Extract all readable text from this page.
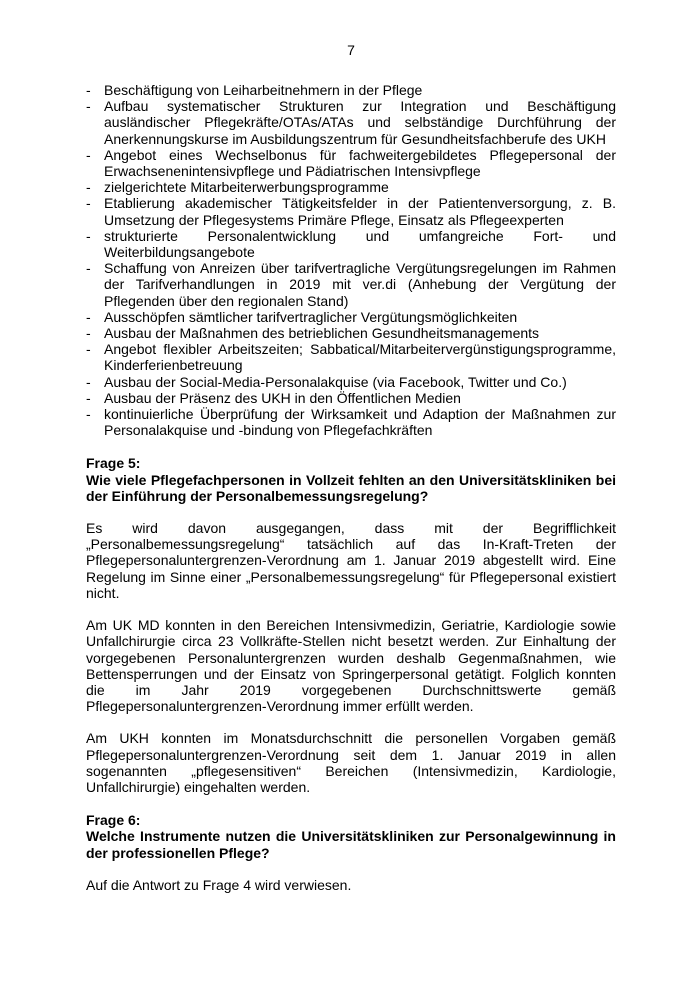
7

- Beschäftigung von Leiharbeitnehmern in der Pflege
- Aufbau systematischer Strukturen zur Integration und Beschäftigung ausländischer Pflegekräfte/OTAs/ATAs und selbständige Durchführung der Anerkennungskurse im Ausbildungszentrum für Gesundheitsfachberufe des UKH
- Angebot eines Wechselbonus für fachweitergebildetes Pflegepersonal der Erwachsenenintensivpflege und Pädiatrischen Intensivpflege
- zielgerichtete Mitarbeiterwerbungsprogramme
- Etablierung akademischer Tätigkeitsfelder in der Patientenversorgung, z. B. Umsetzung der Pflegesystems Primäre Pflege, Einsatz als Pflegeexperten
- strukturierte Personalentwicklung und umfangreiche Fort- und Weiterbildungsangebote
- Schaffung von Anreizen über tarifvertragliche Vergütungsregelungen im Rahmen der Tarifverhandlungen in 2019 mit ver.di (Anhebung der Vergütung der Pflegenden über den regionalen Stand)
- Ausschöpfen sämtlicher tarifvertraglicher Vergütungsmöglichkeiten
- Ausbau der Maßnahmen des betrieblichen Gesundheitsmanagements
- Angebot flexibler Arbeitszeiten; Sabbatical/Mitarbeitervergünstigungsprogramme, Kinderferienbetreuung
- Ausbau der Social-Media-Personalakquise (via Facebook, Twitter und Co.)
- Ausbau der Präsenz des UKH in den Öffentlichen Medien
- kontinuierliche Überprüfung der Wirksamkeit und Adaption der Maßnahmen zur Personalakquise und -bindung von Pflegefachkräften
Frage 5:
Wie viele Pflegefachpersonen in Vollzeit fehlten an den Universitätskliniken bei der Einführung der Personalbemessungsregelung?

Es wird davon ausgegangen, dass mit der Begrifflichkeit „Personalbemessungsregelung“ tatsächlich auf das In-Kraft-Treten der Pflegepersonaluntergrenzen-Verordnung am 1. Januar 2019 abgestellt wird. Eine Regelung im Sinne einer „Personalbemessungsregelung“ für Pflegepersonal existiert nicht.

Am UK MD konnten in den Bereichen Intensivmedizin, Geriatrie, Kardiologie sowie Unfallchirurgie circa 23 Vollkräfte-Stellen nicht besetzt werden. Zur Einhaltung der vorgegebenen Personaluntergrenzen wurden deshalb Gegenmaßnahmen, wie Bettensperrungen und der Einsatz von Springerpersonal getätigt. Folglich konnten die im Jahr 2019 vorgegebenen Durchschnittswerte gemäß Pflegepersonaluntergrenzen-Verordnung immer erfüllt werden.

Am UKH konnten im Monatsdurchschnitt die personellen Vorgaben gemäß Pflegepersonaluntergrenzen-Verordnung seit dem 1. Januar 2019 in allen sogenannten „pflegesensitiven“ Bereichen (Intensivmedizin, Kardiologie, Unfallchirurgie) eingehalten werden.

Frage 6:
Welche Instrumente nutzen die Universitätskliniken zur Personalgewinnung in der professionellen Pflege?

Auf die Antwort zu Frage 4 wird verwiesen.
